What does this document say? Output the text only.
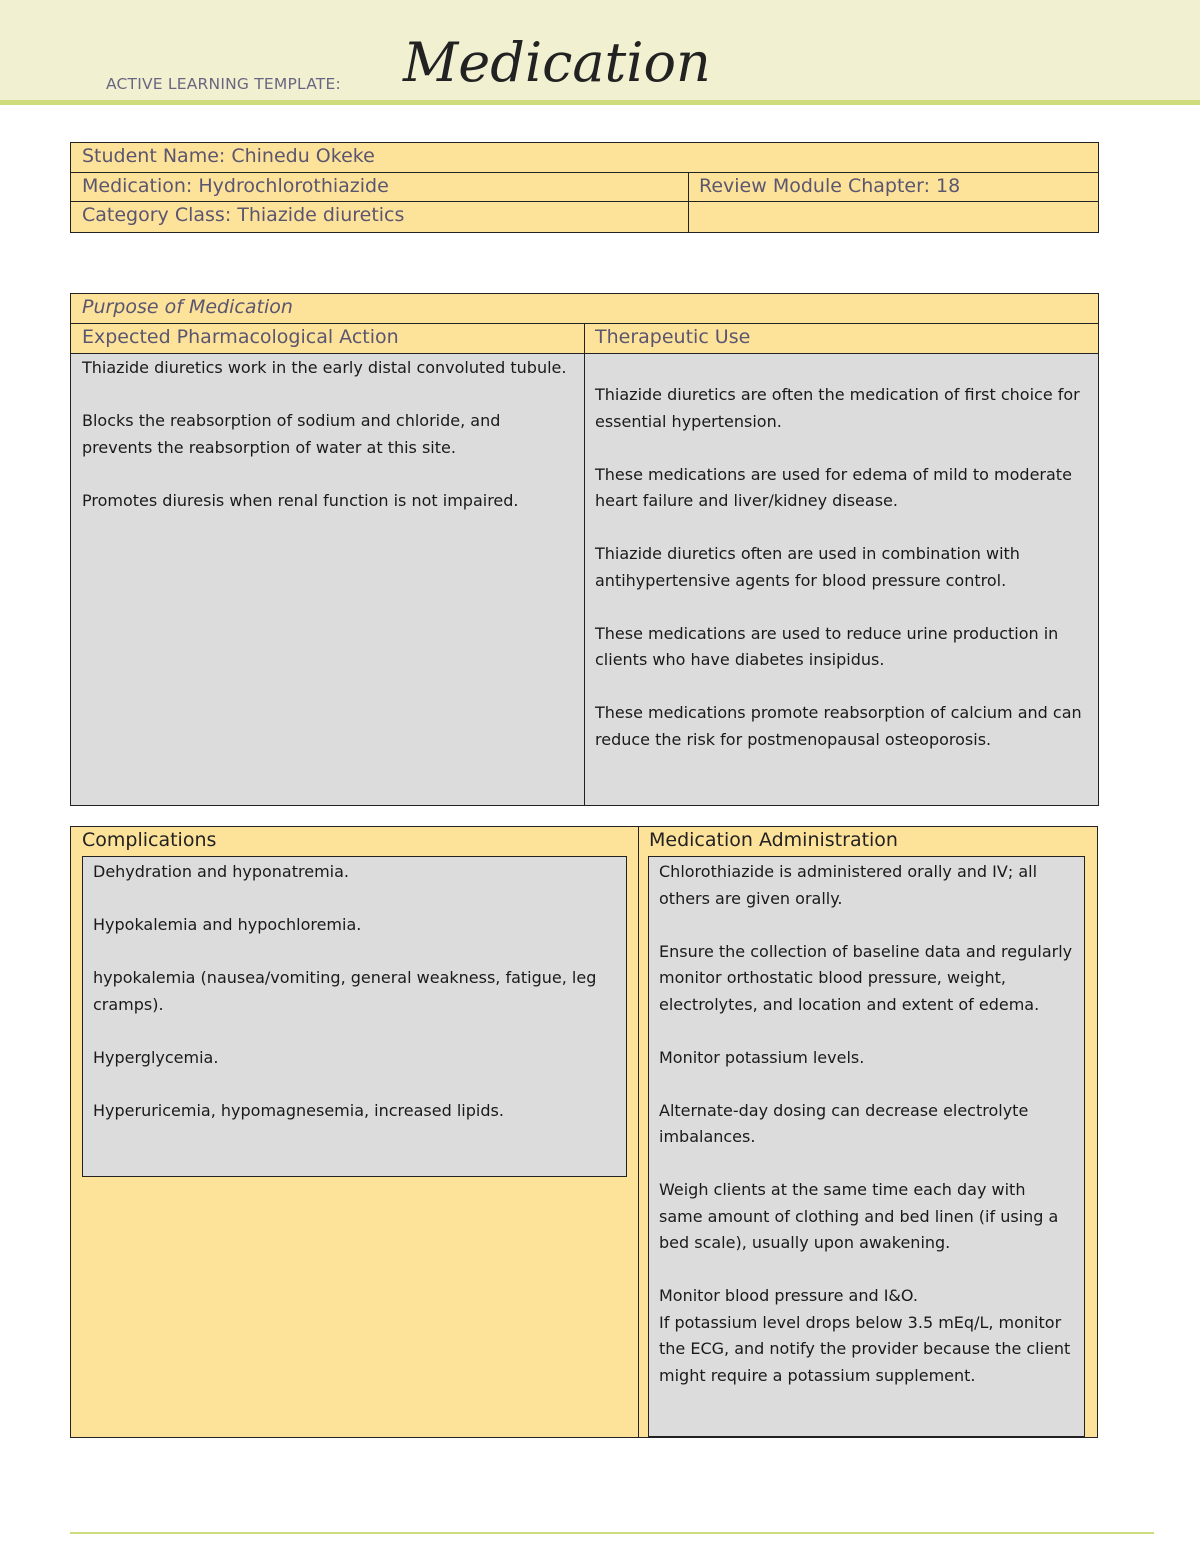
ACTIVE LEARNING TEMPLATE: Medication
Student Name: Chinedu Okeke
Medication: Hydrochlorothiazide	Review Module Chapter: 18
Category Class: Thiazide diuretics
Purpose of Medication
Expected Pharmacological Action	Therapeutic Use

Thiazide diuretics work in the early distal convoluted tubule.

Blocks the reabsorption of sodium and chloride, and prevents the reabsorption of water at this site.

Promotes diuresis when renal function is not impaired.

Thiazide diuretics are often the medication of first choice for essential hypertension.

These medications are used for edema of mild to moderate heart failure and liver/kidney disease.

Thiazide diuretics often are used in combination with antihypertensive agents for blood pressure control.

These medications are used to reduce urine production in clients who have diabetes insipidus.

These medications promote reabsorption of calcium and can reduce the risk for postmenopausal osteoporosis.

Complications

Dehydration and hyponatremia.

Hypokalemia and hypochloremia.

hypokalemia (nausea/vomiting, general weakness, fatigue, leg cramps).

Hyperglycemia.

Hyperuricemia, hypomagnesemia, increased lipids.

Medication Administration

Chlorothiazide is administered orally and IV; all others are given orally.

Ensure the collection of baseline data and regularly monitor orthostatic blood pressure, weight, electrolytes, and location and extent of edema.

Monitor potassium levels.

Alternate-day dosing can decrease electrolyte imbalances.

Weigh clients at the same time each day with same amount of clothing and bed linen (if using a bed scale), usually upon awakening.

Monitor blood pressure and I&O.
If potassium level drops below 3.5 mEq/L, monitor the ECG, and notify the provider because the client might require a potassium supplement.
